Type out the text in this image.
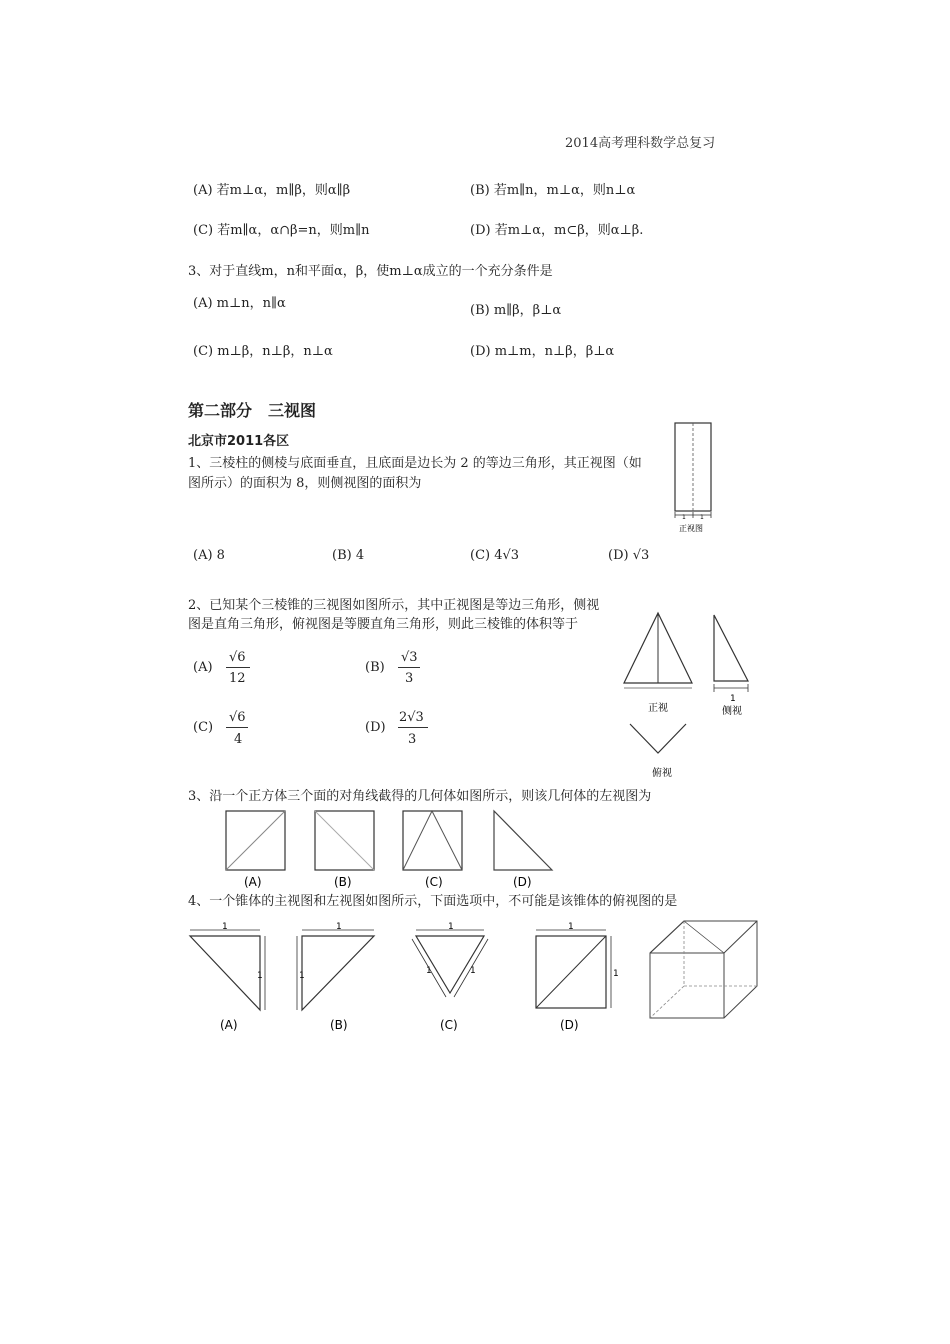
2014高考理科数学总复习
(A) 若m⊥α，m∥β，则α∥β	(B) 若m∥n，m⊥α，则n⊥α
(C) 若m∥α，α∩β=n，则m∥n	(D) 若m⊥α，m⊂β，则α⊥β.
3、对于直线m，n和平面α，β，使m⊥α成立的一个充分条件是
(A) m⊥n，n∥α	(B) m∥β，β⊥α
(C) m⊥β，n⊥β，n⊥α	(D) m⊥m，n⊥β，β⊥α
第二部分　三视图
北京市2011各区
1、三棱柱的侧棱与底面垂直，且底面是边长为 2 的等边三角形，其正视图（如
图所示）的面积为 8，则侧视图的面积为
(A) 8	(B) 4	(C) 4√3	(D) √3
1 1
正视图
2、已知某个三棱锥的三视图如图所示，其中正视图是等边三角形，侧视
图是直角三角形，俯视图是等腰直角三角形，则此三棱锥的体积等于
(A)
√6
12
(B)
√3
3
(C)
√6
4
(D)
2√3
3
1
正视	侧视
俯视
3、沿一个正方体三个面的对角线截得的几何体如图所示，则该几何体的左视图为
(A)	(B)	(C)	(D)
4、一个锥体的主视图和左视图如图所示，下面选项中，不可能是该锥体的俯视图的是
1
1
(A)
1
1
(B)
1
1	1
(C)
1
1
(D)
